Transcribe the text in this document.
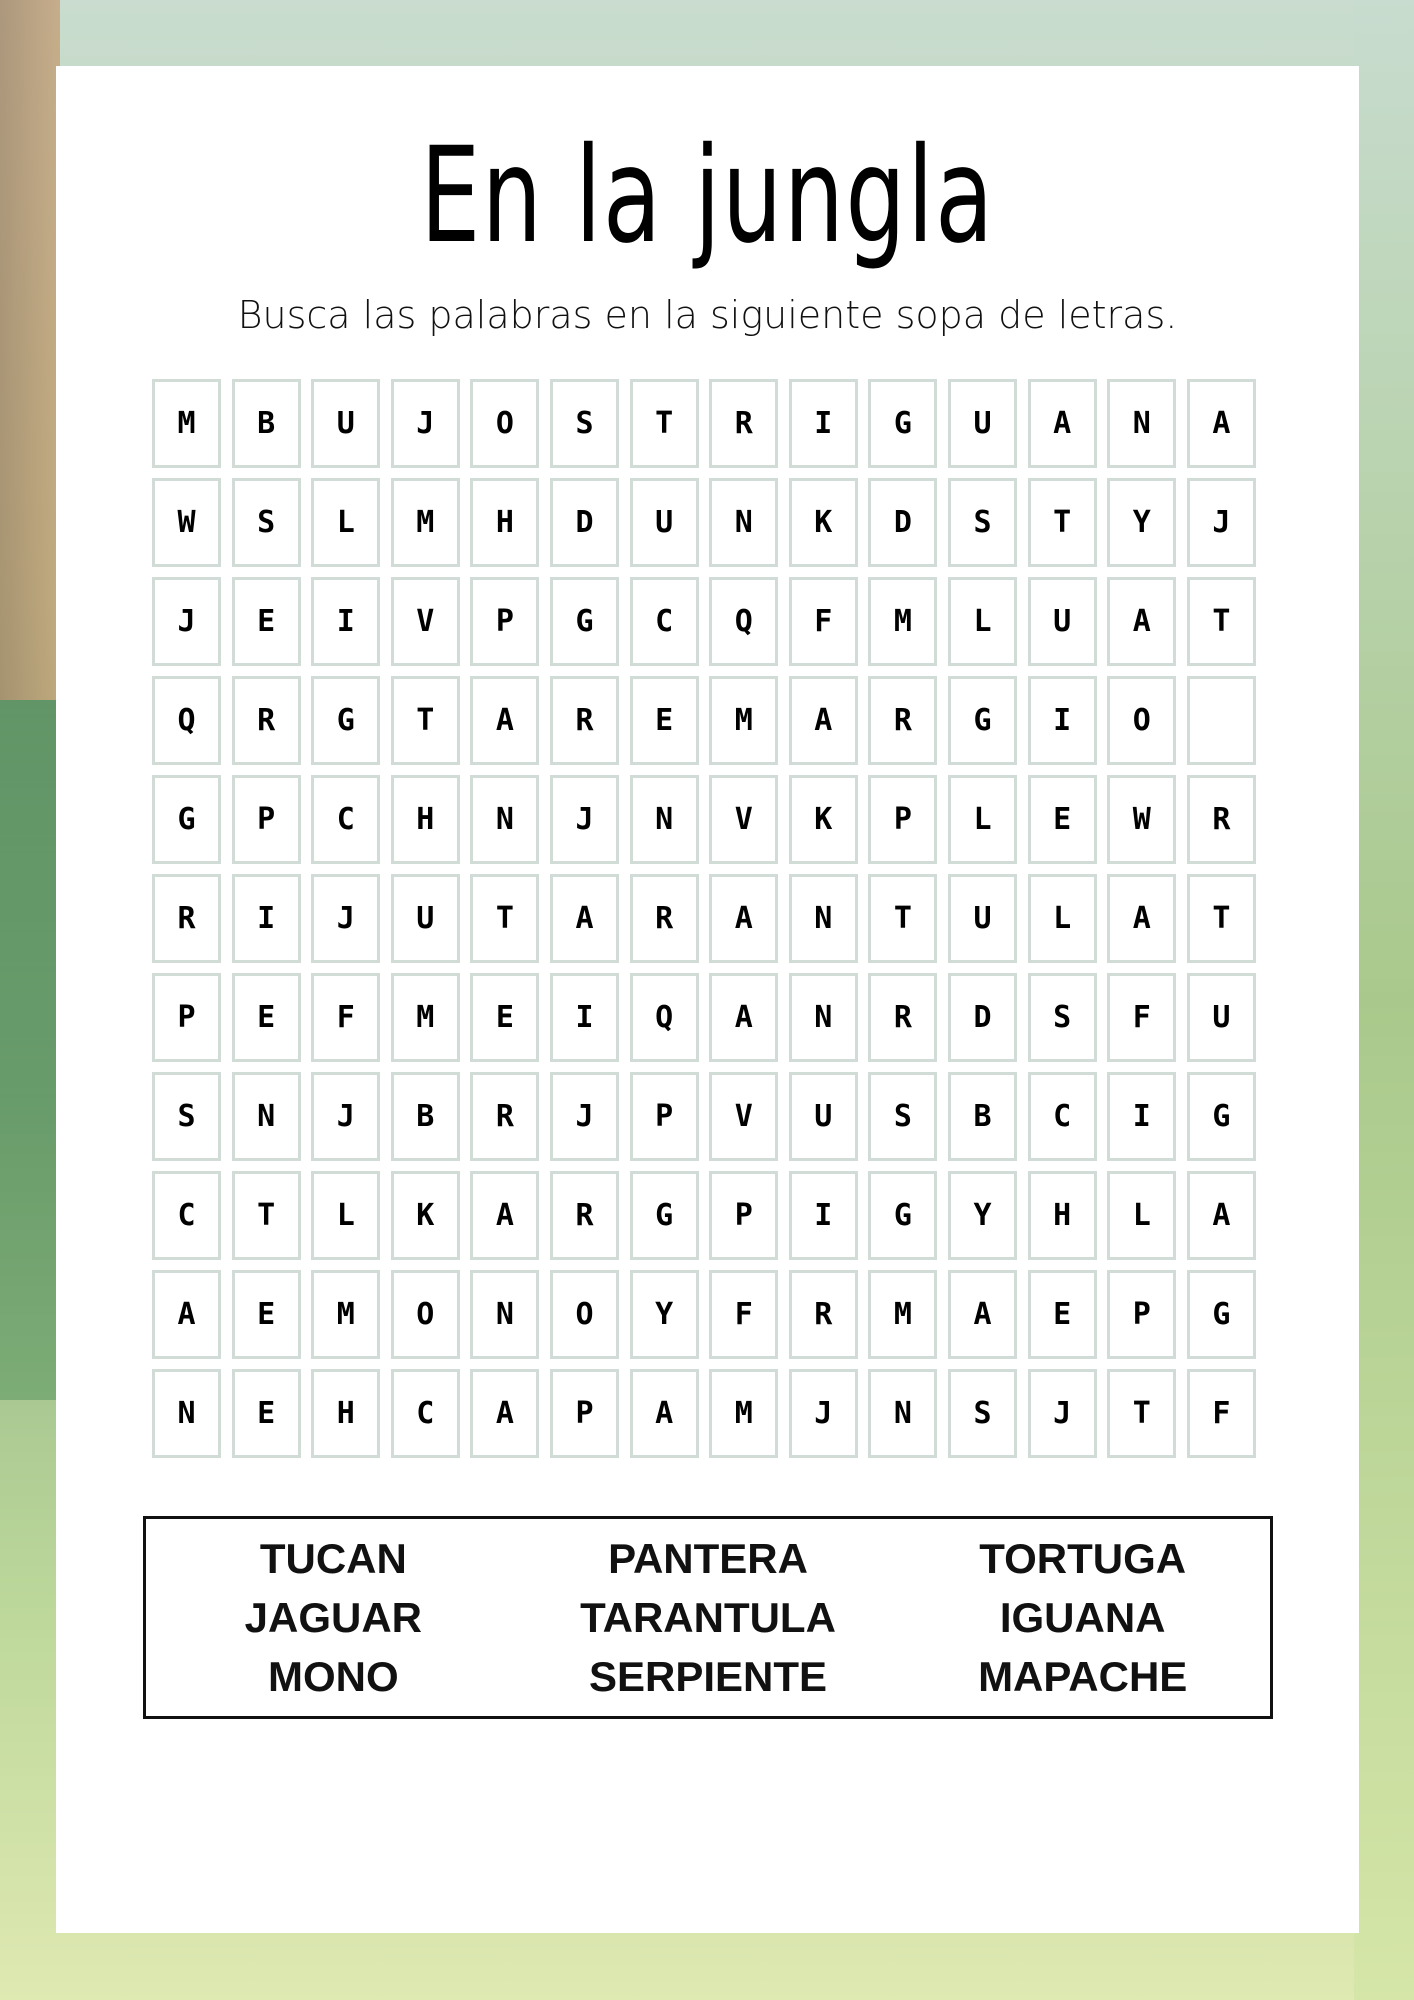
En la jungla
Busca las palabras en la siguiente sopa de letras.
MBUJOSTRIGUANA
WSLMHDUNKDSTYJ
JEIVPGCQFMLUAT
QRGTAREMARGIO
GPCHNJNVKPLEWR
RIJUTARANTULAT
PEFMEIQANRDSFU
SNJBRJPVUSBCIG
CTLKARGPIGYHLA
AEMONOYFRMAEPG
NEHCAPAMJNSJTF
TUCAN
JAGUAR
MONO
PANTERA
TARANTULA
SERPIENTE
TORTUGA
IGUANA
MAPACHE
